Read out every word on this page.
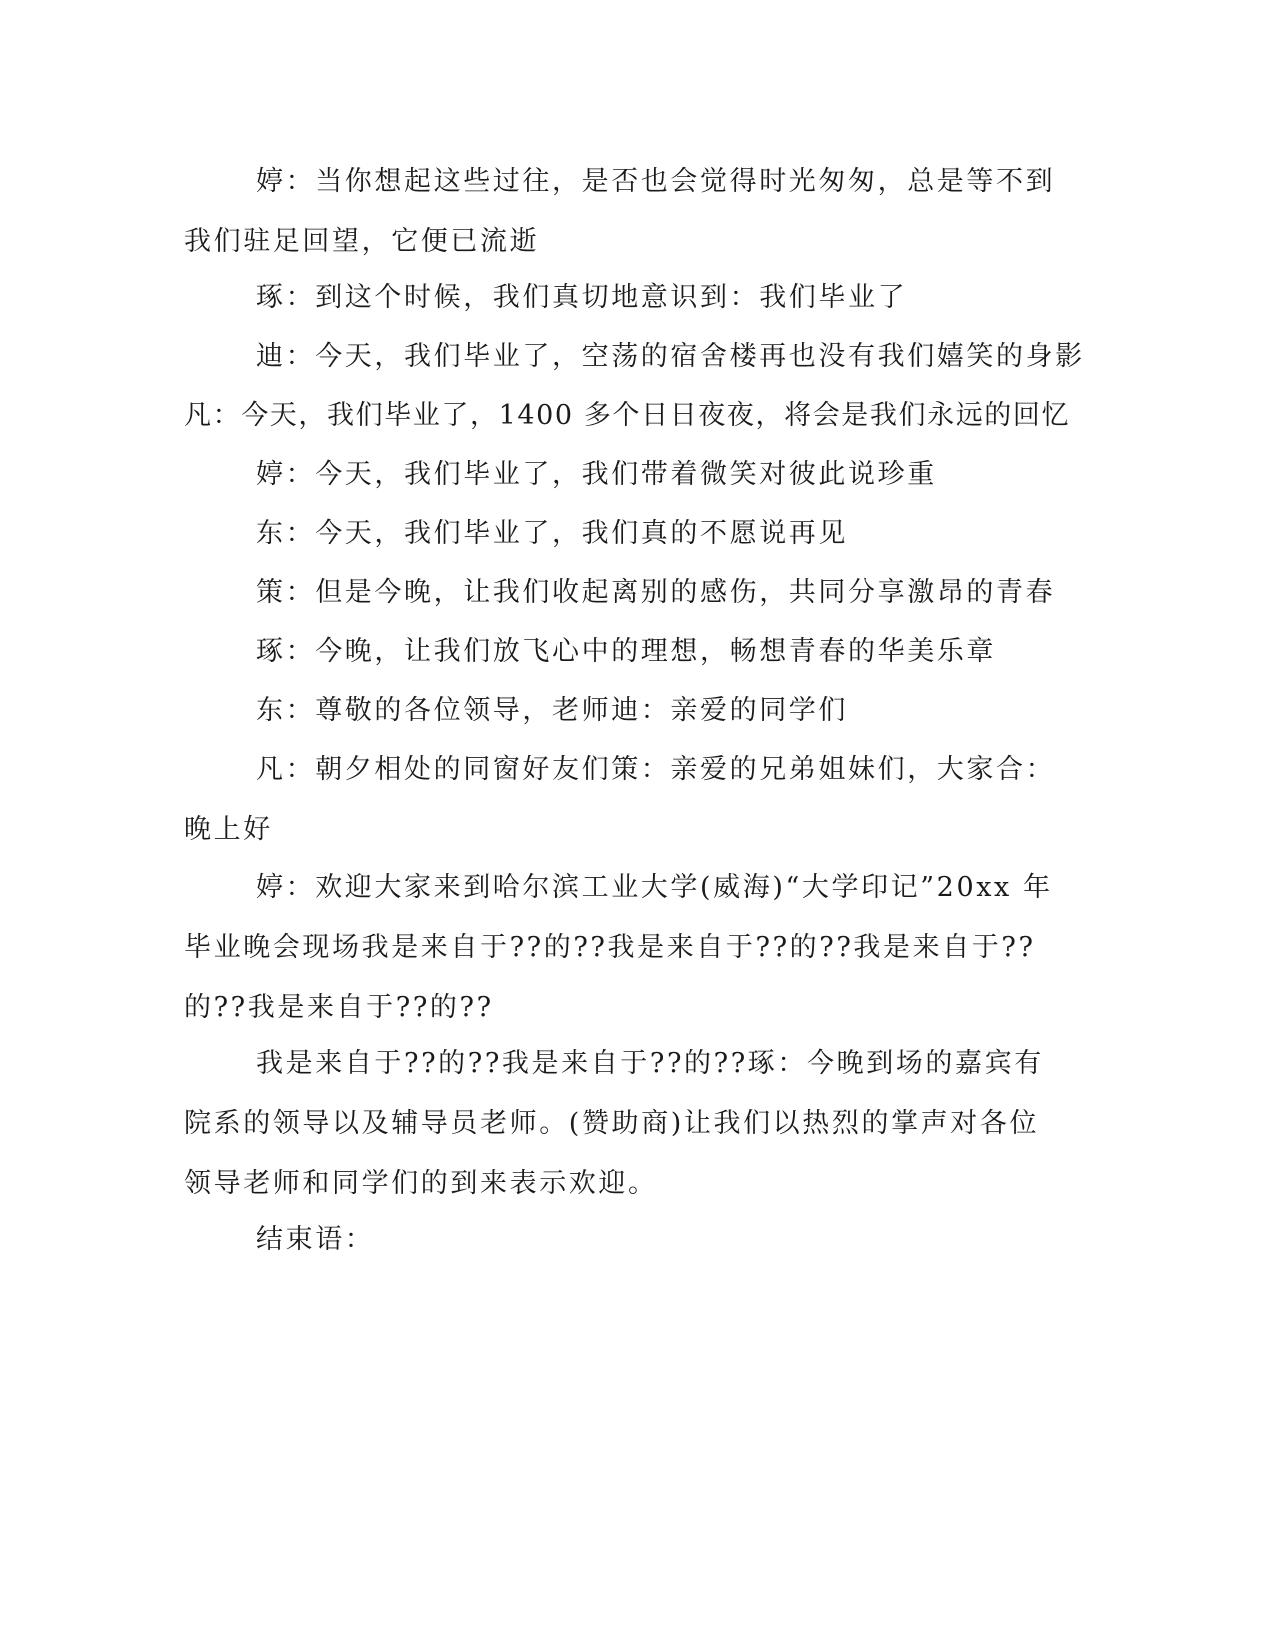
婷：当你想起这些过往，是否也会觉得时光匆匆，总是等不到我们驻足回望，它便已流逝

琢：到这个时候，我们真切地意识到：我们毕业了

迪：今天，我们毕业了，空荡的宿舍楼再也没有我们嬉笑的身影

凡：今天，我们毕业了，1400 多个日日夜夜，将会是我们永远的回忆

婷：今天，我们毕业了，我们带着微笑对彼此说珍重

东：今天，我们毕业了，我们真的不愿说再见

策：但是今晚，让我们收起离别的感伤，共同分享激昂的青春

琢：今晚，让我们放飞心中的理想，畅想青春的华美乐章

东：尊敬的各位领导，老师迪：亲爱的同学们

凡：朝夕相处的同窗好友们策：亲爱的兄弟姐妹们，大家合：晚上好

婷：欢迎大家来到哈尔滨工业大学(威海)“大学印记”20xx 年毕业晚会现场我是来自于??的??我是来自于??的??我是来自于??的??我是来自于??的??

我是来自于??的??我是来自于??的??琢：今晚到场的嘉宾有院系的领导以及辅导员老师。(赞助商)让我们以热烈的掌声对各位领导老师和同学们的到来表示欢迎。

结束语：
